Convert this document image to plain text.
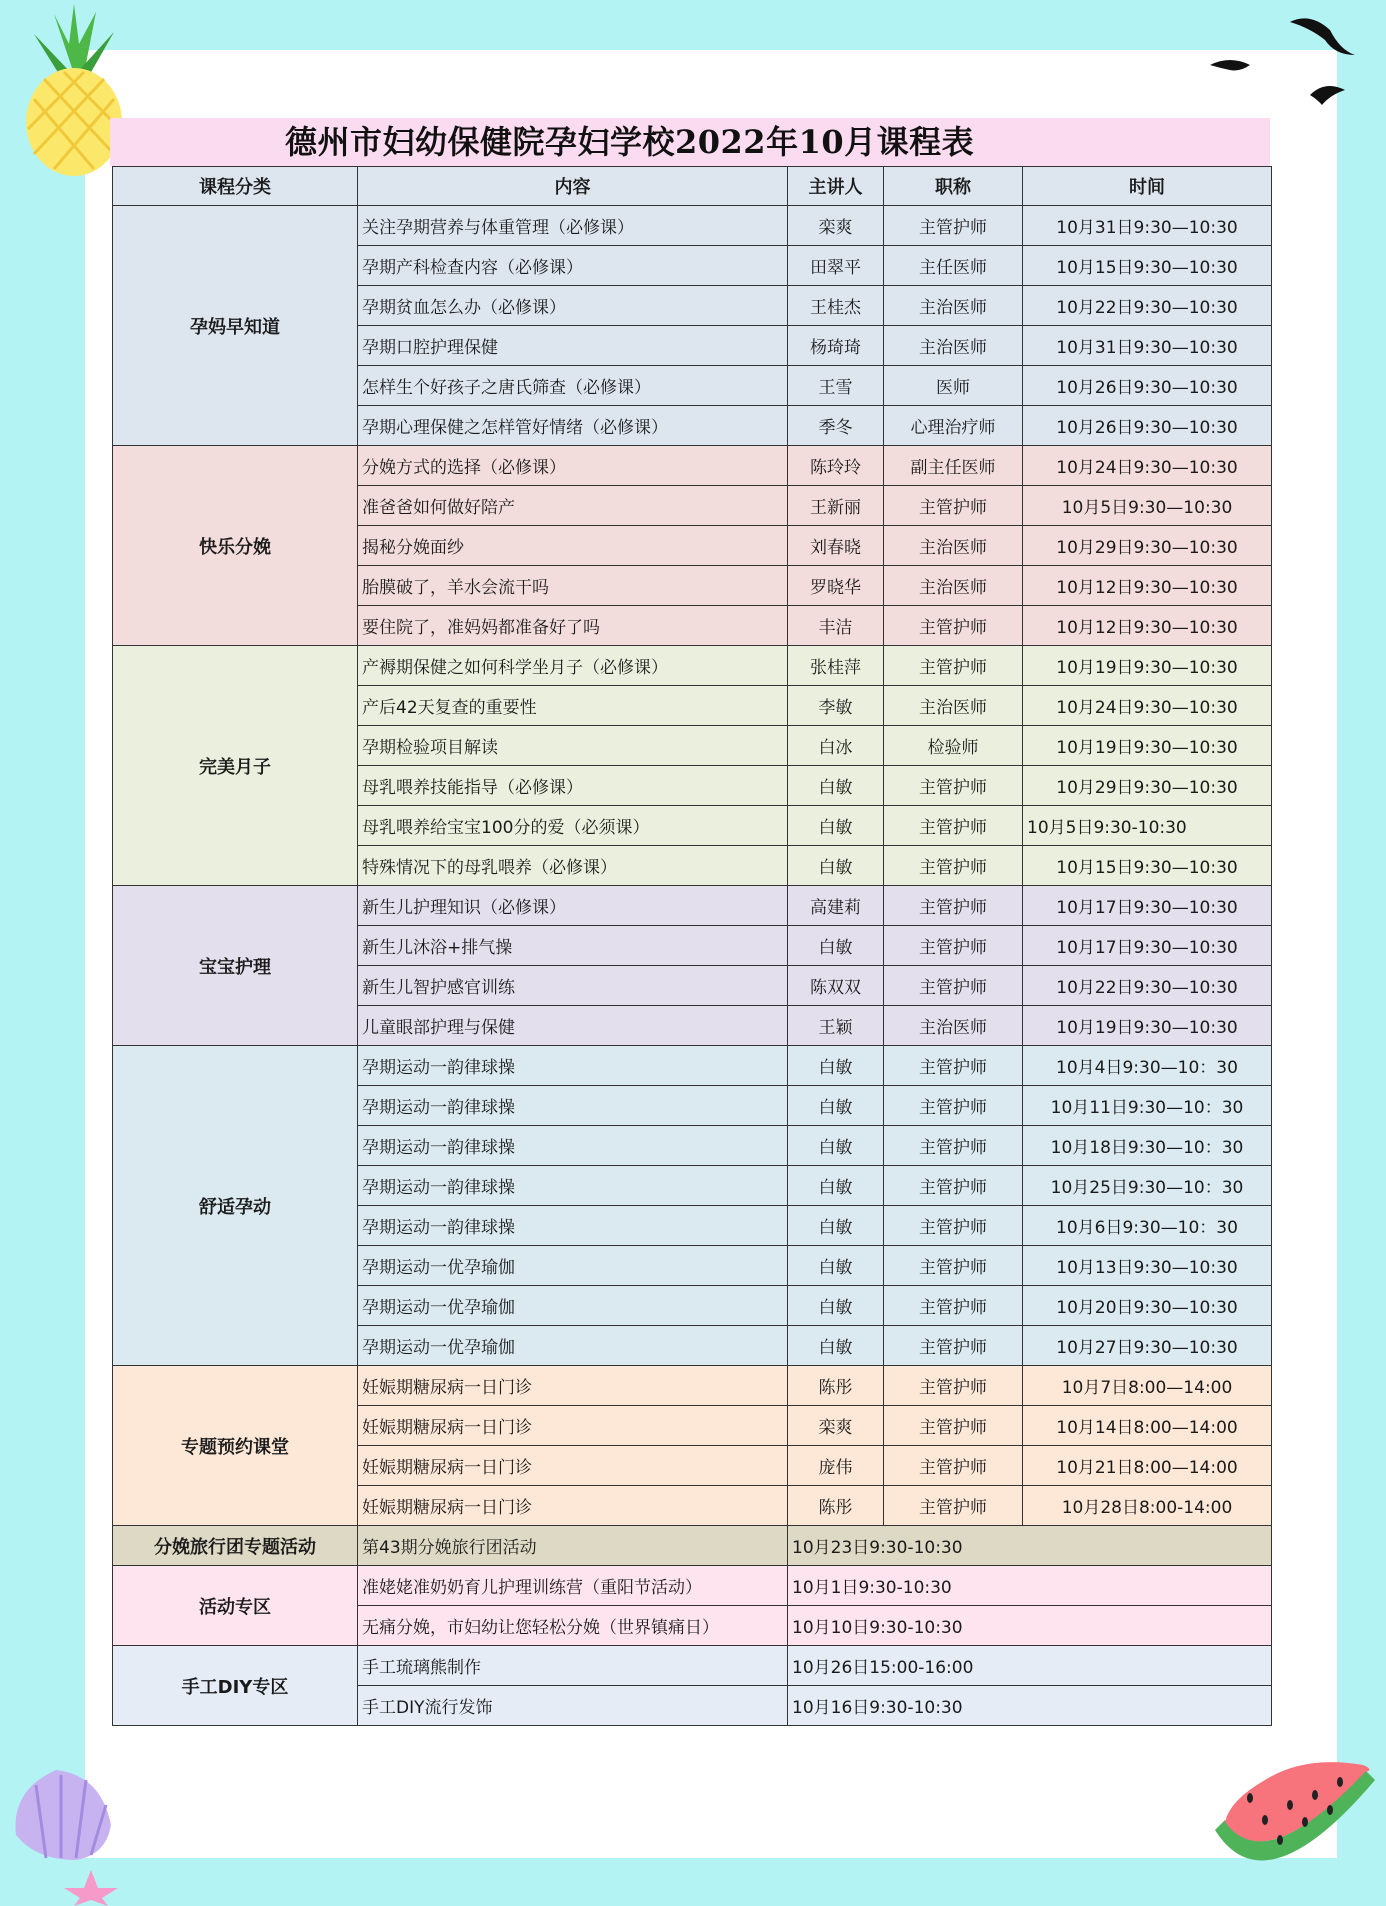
德州市妇幼保健院孕妇学校2022年10月课程表
课程分类	内容	主讲人	职称	时间
孕妈早知道	关注孕期营养与体重管理（必修课）	栾爽	主管护师	10月31日9:30—10:30
	孕期产科检查内容（必修课）	田翠平	主任医师	10月15日9:30—10:30
	孕期贫血怎么办（必修课）	王桂杰	主治医师	10月22日9:30—10:30
	孕期口腔护理保健	杨琦琦	主治医师	10月31日9:30—10:30
	怎样生个好孩子之唐氏筛查（必修课）	王雪	医师	10月26日9:30—10:30
	孕期心理保健之怎样管好情绪（必修课）	季冬	心理治疗师	10月26日9:30—10:30
快乐分娩	分娩方式的选择（必修课）	陈玲玲	副主任医师	10月24日9:30—10:30
	准爸爸如何做好陪产	王新丽	主管护师	10月5日9:30—10:30
	揭秘分娩面纱	刘春晓	主治医师	10月29日9:30—10:30
	胎膜破了，羊水会流干吗	罗晓华	主治医师	10月12日9:30—10:30
	要住院了，准妈妈都准备好了吗	丰洁	主管护师	10月12日9:30—10:30
完美月子	产褥期保健之如何科学坐月子（必修课）	张桂萍	主管护师	10月19日9:30—10:30
	产后42天复查的重要性	李敏	主治医师	10月24日9:30—10:30
	孕期检验项目解读	白冰	检验师	10月19日9:30—10:30
	母乳喂养技能指导（必修课）	白敏	主管护师	10月29日9:30—10:30
	母乳喂养给宝宝100分的爱（必须课）	白敏	主管护师	10月5日9:30-10:30
	特殊情况下的母乳喂养（必修课）	白敏	主管护师	10月15日9:30—10:30
宝宝护理	新生儿护理知识（必修课）	高建莉	主管护师	10月17日9:30—10:30
	新生儿沐浴+排气操	白敏	主管护师	10月17日9:30—10:30
	新生儿智护感官训练	陈双双	主管护师	10月22日9:30—10:30
	儿童眼部护理与保健	王颖	主治医师	10月19日9:30—10:30
舒适孕动	孕期运动一韵律球操	白敏	主管护师	10月4日9:30—10：30
	孕期运动一韵律球操	白敏	主管护师	10月11日9:30—10：30
	孕期运动一韵律球操	白敏	主管护师	10月18日9:30—10：30
	孕期运动一韵律球操	白敏	主管护师	10月25日9:30—10：30
	孕期运动一韵律球操	白敏	主管护师	10月6日9:30—10：30
	孕期运动一优孕瑜伽	白敏	主管护师	10月13日9:30—10:30
	孕期运动一优孕瑜伽	白敏	主管护师	10月20日9:30—10:30
	孕期运动一优孕瑜伽	白敏	主管护师	10月27日9:30—10:30
专题预约课堂	妊娠期糖尿病一日门诊	陈彤	主管护师	10月7日8:00—14:00
	妊娠期糖尿病一日门诊	栾爽	主管护师	10月14日8:00—14:00
	妊娠期糖尿病一日门诊	庞伟	主管护师	10月21日8:00—14:00
	妊娠期糖尿病一日门诊	陈彤	主管护师	10月28日8:00-14:00
分娩旅行团专题活动	第43期分娩旅行团活动	10月23日9:30-10:30		
活动专区	准姥姥准奶奶育儿护理训练营（重阳节活动）	10月1日9:30-10:30		
	无痛分娩，市妇幼让您轻松分娩（世界镇痛日）	10月10日9:30-10:30		
手工DIY专区	手工琉璃熊制作	10月26日15:00-16:00		
	手工DIY流行发饰	10月16日9:30-10:30		
